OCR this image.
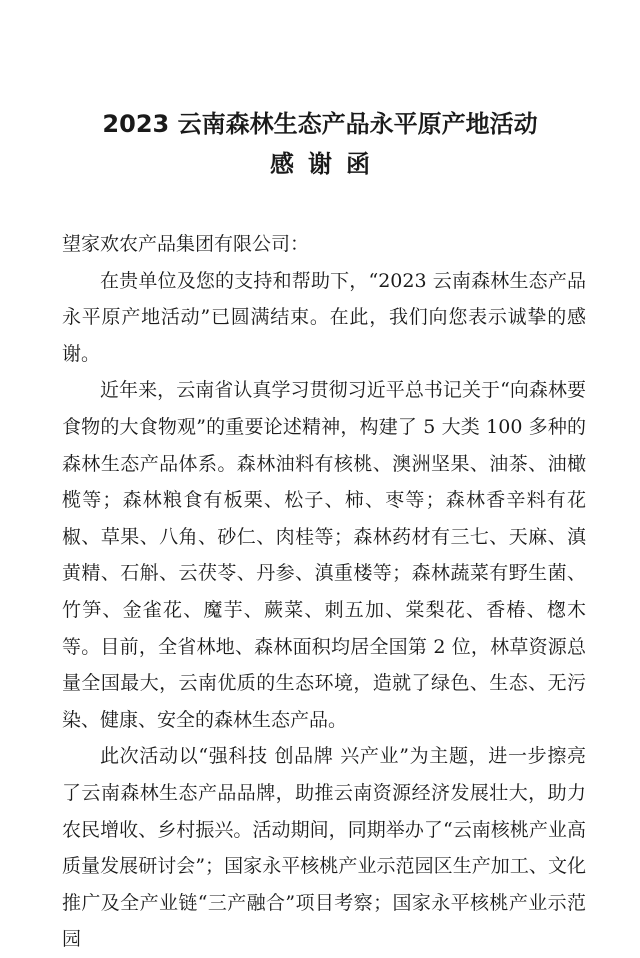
2023 云南森林生态产品永平原产地活动
感谢函

望家欢农产品集团有限公司：

在贵单位及您的支持和帮助下，“2023 云南森林生态产品永平原产地活动”已圆满结束。在此，我们向您表示诚挚的感谢。

近年来，云南省认真学习贯彻习近平总书记关于“向森林要食物的大食物观”的重要论述精神，构建了 5 大类 100 多种的森林生态产品体系。森林油料有核桃、澳洲坚果、油茶、油橄榄等；森林粮食有板栗、松子、柿、枣等；森林香辛料有花椒、草果、八角、砂仁、肉桂等；森林药材有三七、天麻、滇黄精、石斛、云茯苓、丹参、滇重楼等；森林蔬菜有野生菌、竹笋、金雀花、魔芋、蕨菜、刺五加、棠梨花、香椿、楤木等。目前，全省林地、森林面积均居全国第 2 位，林草资源总量全国最大，云南优质的生态环境，造就了绿色、生态、无污染、健康、安全的森林生态产品。

此次活动以“强科技 创品牌 兴产业”为主题，进一步擦亮了云南森林生态产品品牌，助推云南资源经济发展壮大，助力农民增收、乡村振兴。活动期间，同期举办了“云南核桃产业高质量发展研讨会”；国家永平核桃产业示范园区生产加工、文化推广及全产业链“三产融合”项目考察；国家永平核桃产业示范园
